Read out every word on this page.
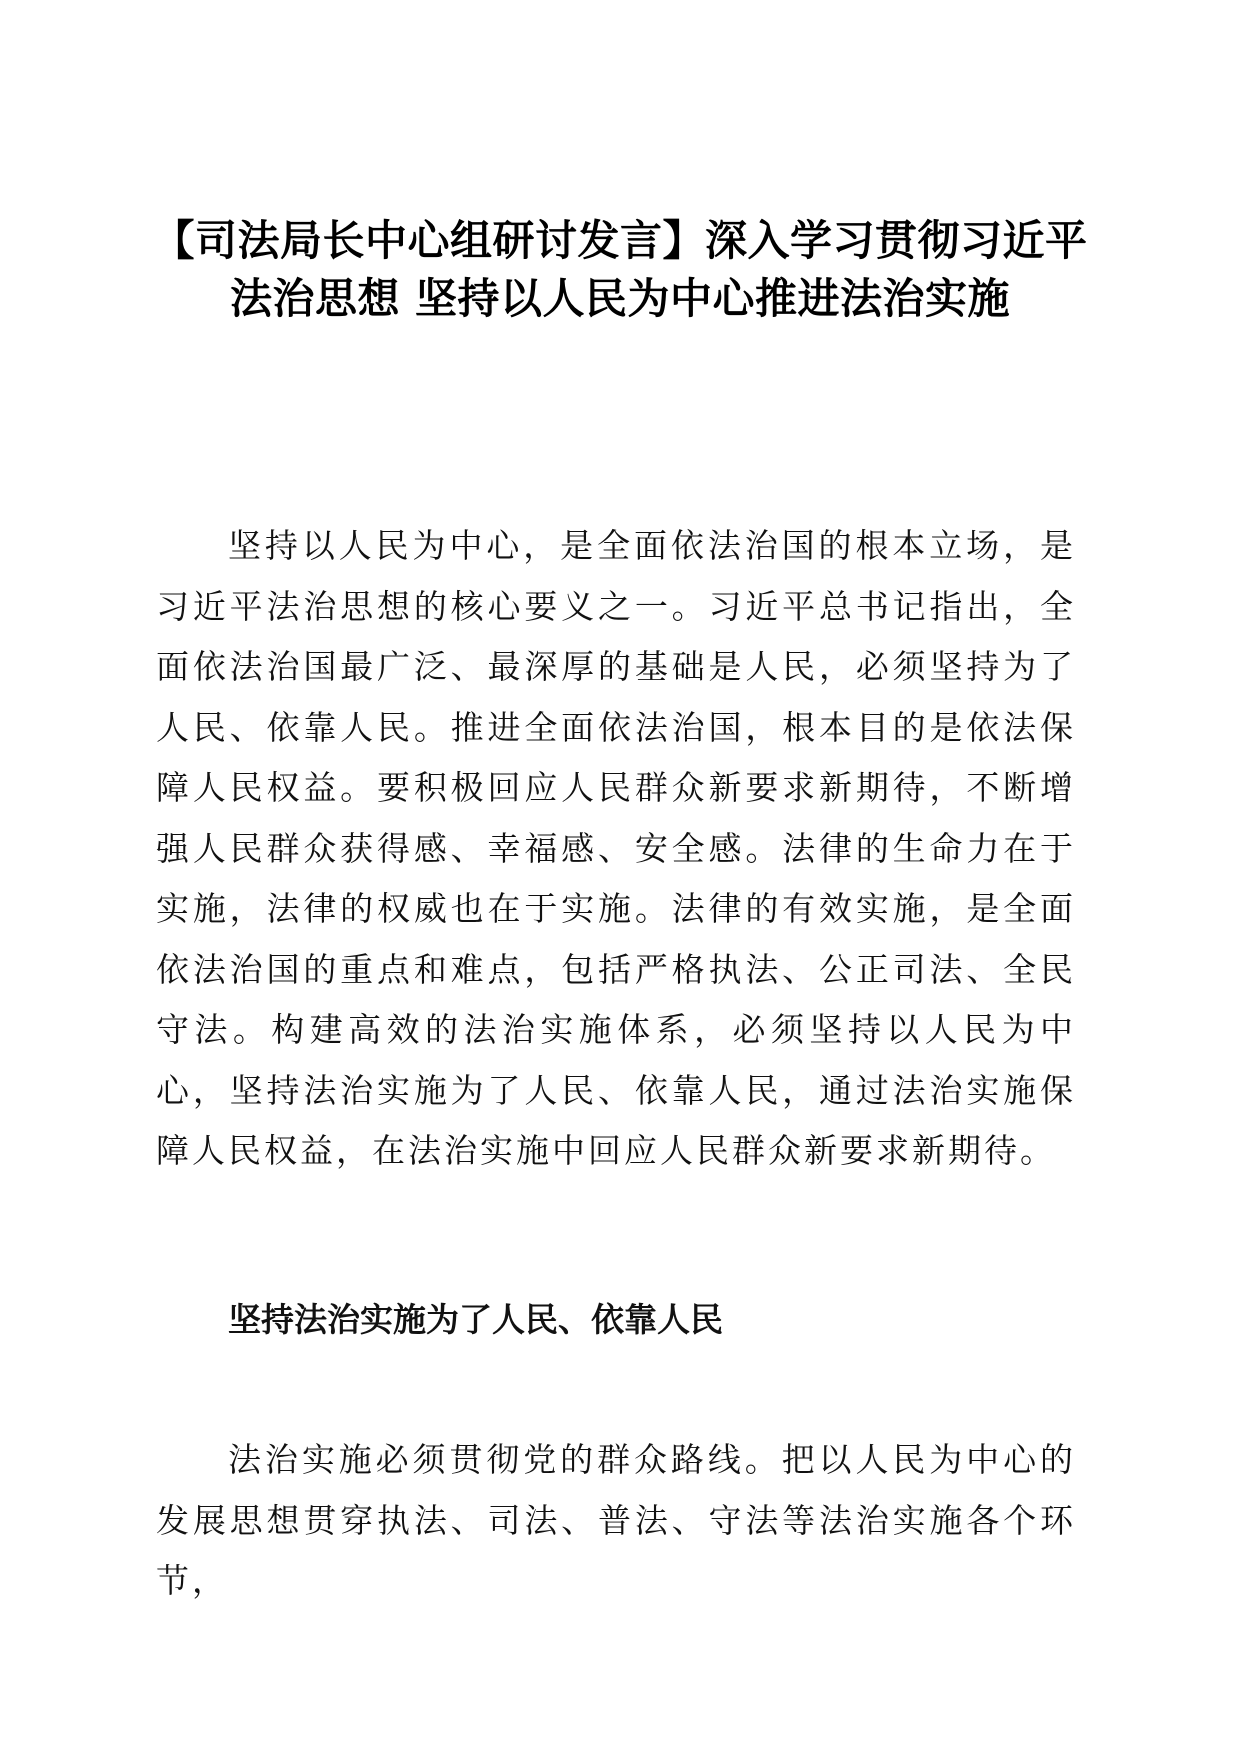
【司法局长中心组研讨发言】深入学习贯彻习近平法治思想 坚持以人民为中心推进法治实施

坚持以人民为中心，是全面依法治国的根本立场，是习近平法治思想的核心要义之一。习近平总书记指出，全面依法治国最广泛、最深厚的基础是人民，必须坚持为了人民、依靠人民。推进全面依法治国，根本目的是依法保障人民权益。要积极回应人民群众新要求新期待，不断增强人民群众获得感、幸福感、安全感。法律的生命力在于实施，法律的权威也在于实施。法律的有效实施，是全面依法治国的重点和难点，包括严格执法、公正司法、全民守法。构建高效的法治实施体系，必须坚持以人民为中心，坚持法治实施为了人民、依靠人民，通过法治实施保障人民权益，在法治实施中回应人民群众新要求新期待。

坚持法治实施为了人民、依靠人民

法治实施必须贯彻党的群众路线。把以人民为中心的发展思想贯穿执法、司法、普法、守法等法治实施各个环节，
